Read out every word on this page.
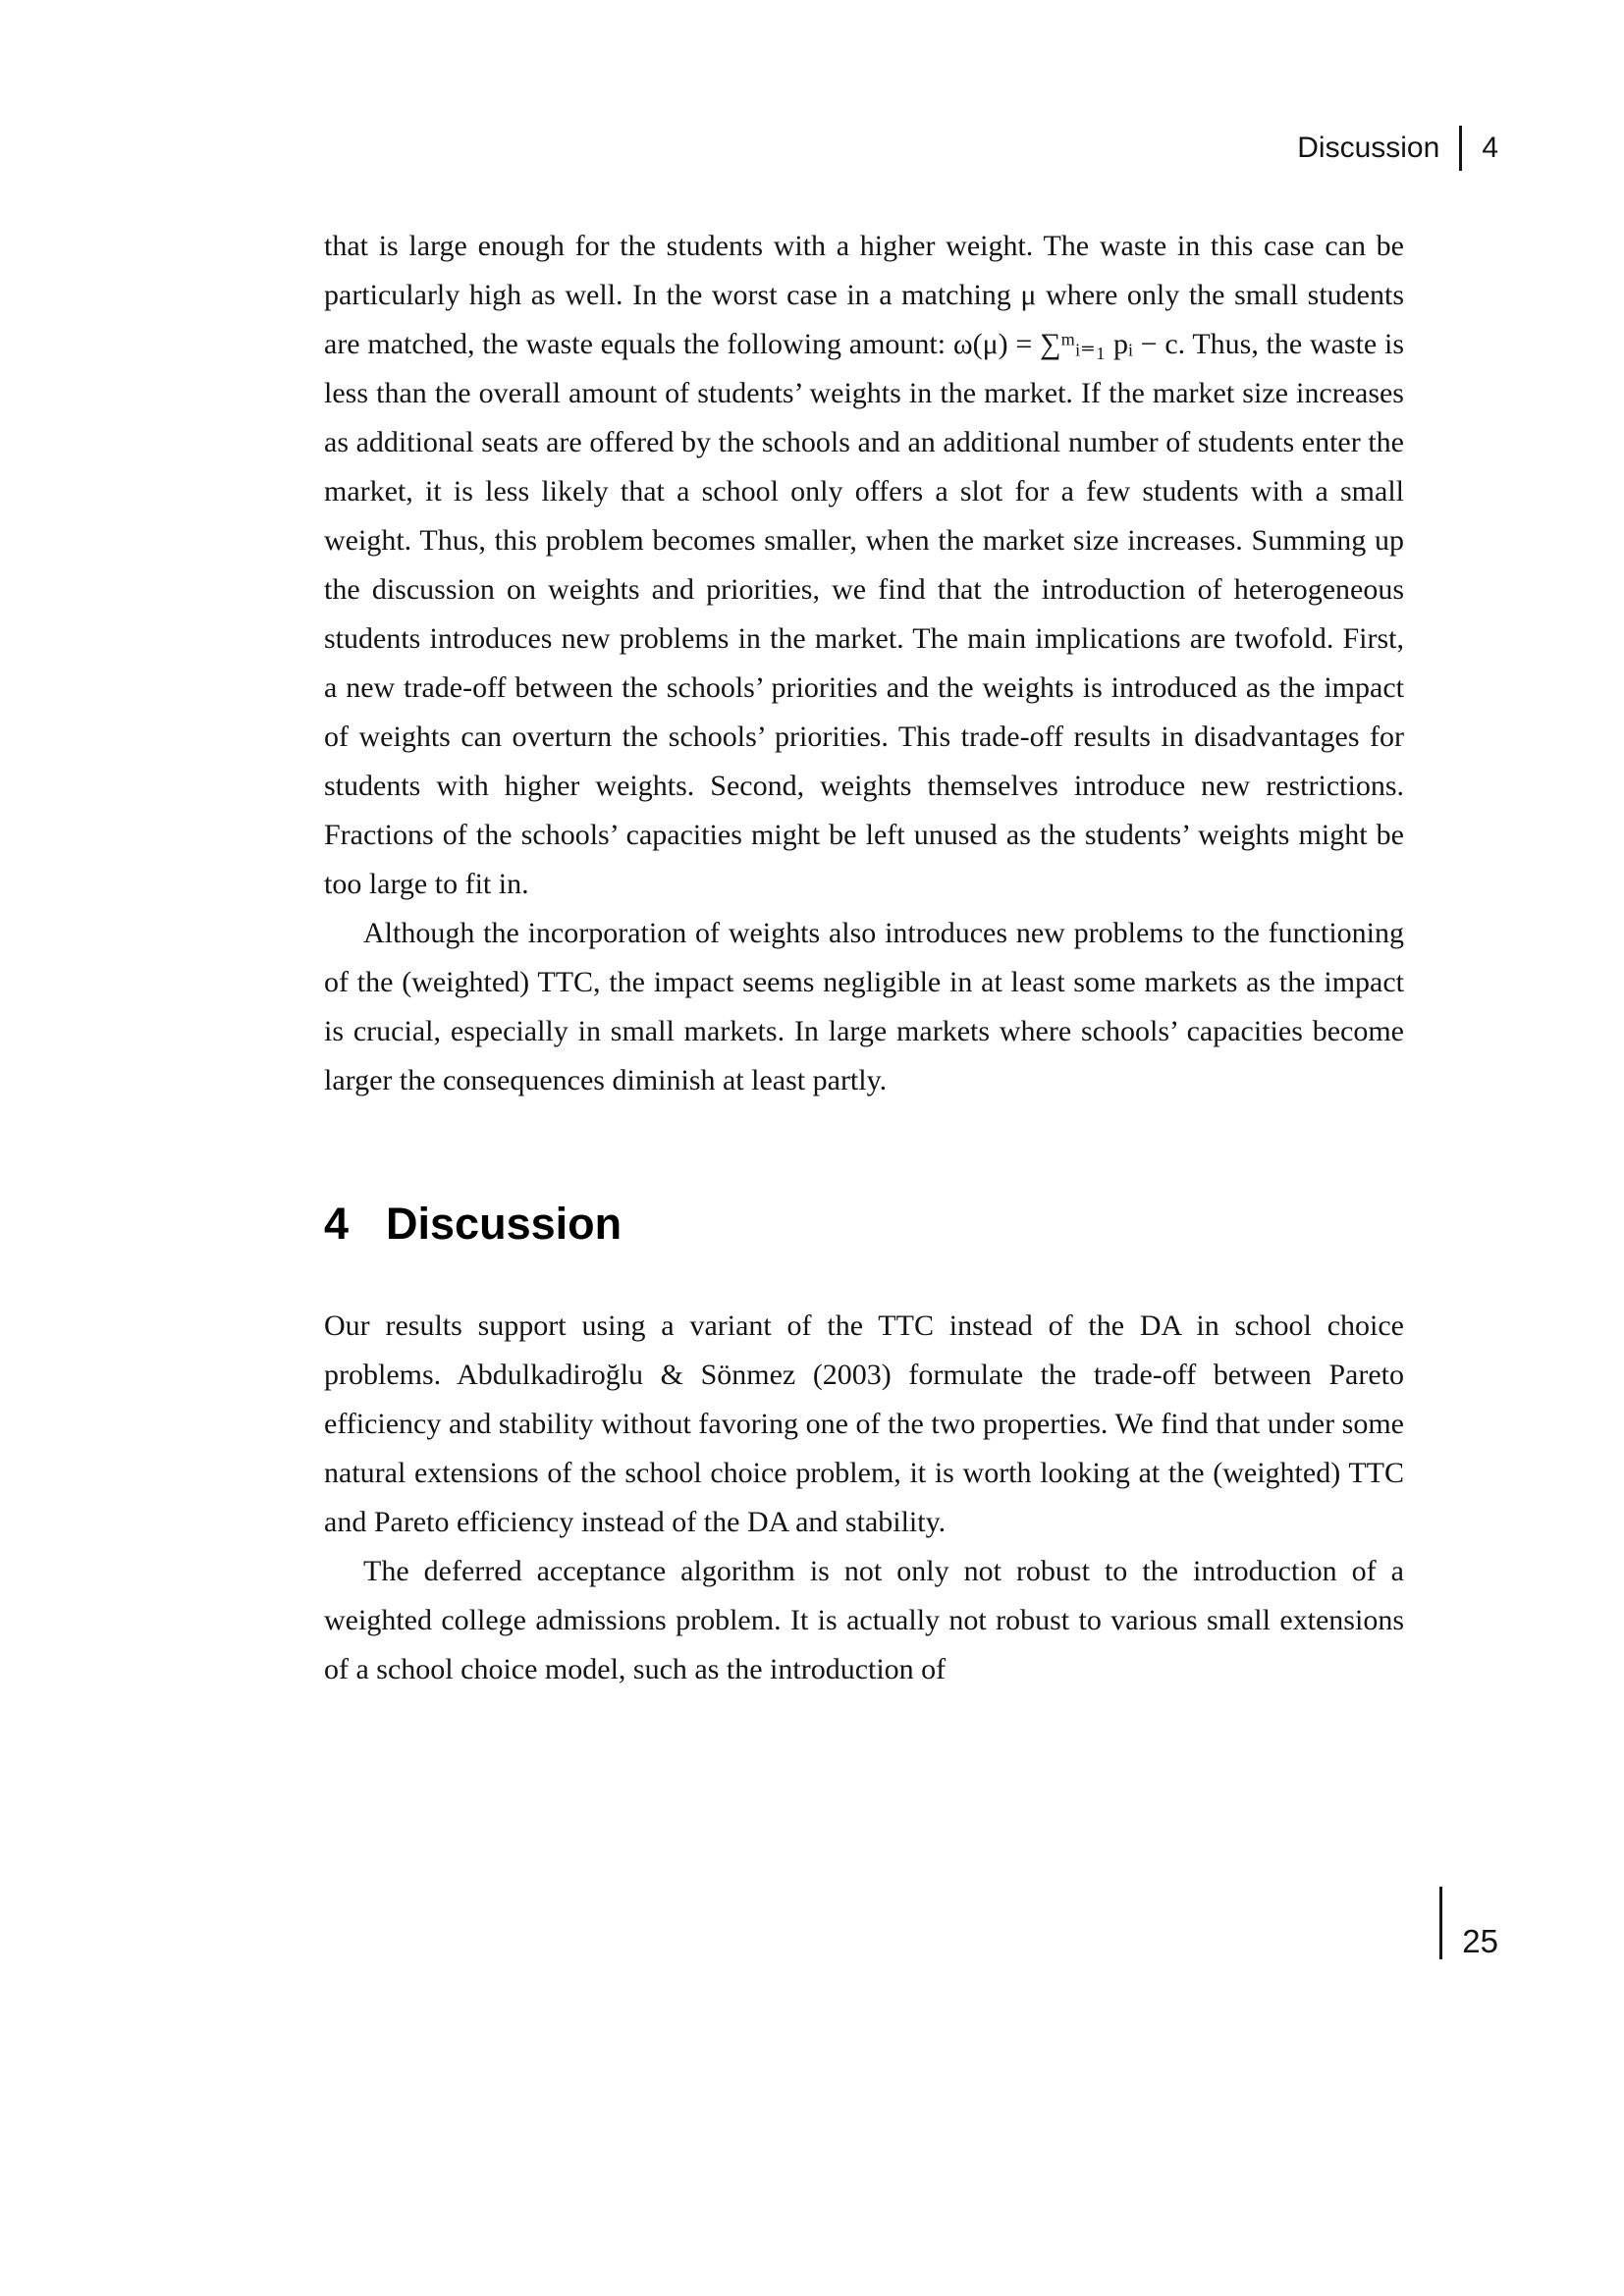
Discussion 4

that is large enough for the students with a higher weight. The waste in this case can be particularly high as well. In the worst case in a matching μ where only the small students are matched, the waste equals the following amount: ω(μ) = ∑ᵐᵢ₌₁ pᵢ − c. Thus, the waste is less than the overall amount of students’ weights in the market. If the market size increases as additional seats are offered by the schools and an additional number of students enter the market, it is less likely that a school only offers a slot for a few students with a small weight. Thus, this problem becomes smaller, when the market size increases. Summing up the discussion on weights and priorities, we find that the introduction of heterogeneous students introduces new problems in the market. The main implications are twofold. First, a new trade-off between the schools’ priorities and the weights is introduced as the impact of weights can overturn the schools’ priorities. This trade-off results in disadvantages for students with higher weights. Second, weights themselves introduce new restrictions. Fractions of the schools’ capacities might be left unused as the students’ weights might be too large to fit in.

Although the incorporation of weights also introduces new problems to the functioning of the (weighted) TTC, the impact seems negligible in at least some markets as the impact is crucial, especially in small markets. In large markets where schools’ capacities become larger the consequences diminish at least partly.

4 Discussion

Our results support using a variant of the TTC instead of the DA in school choice problems. Abdulkadiroğlu & Sönmez (2003) formulate the trade-off between Pareto efficiency and stability without favoring one of the two properties. We find that under some natural extensions of the school choice problem, it is worth looking at the (weighted) TTC and Pareto efficiency instead of the DA and stability.

The deferred acceptance algorithm is not only not robust to the introduction of a weighted college admissions problem. It is actually not robust to various small extensions of a school choice model, such as the introduction of

25
